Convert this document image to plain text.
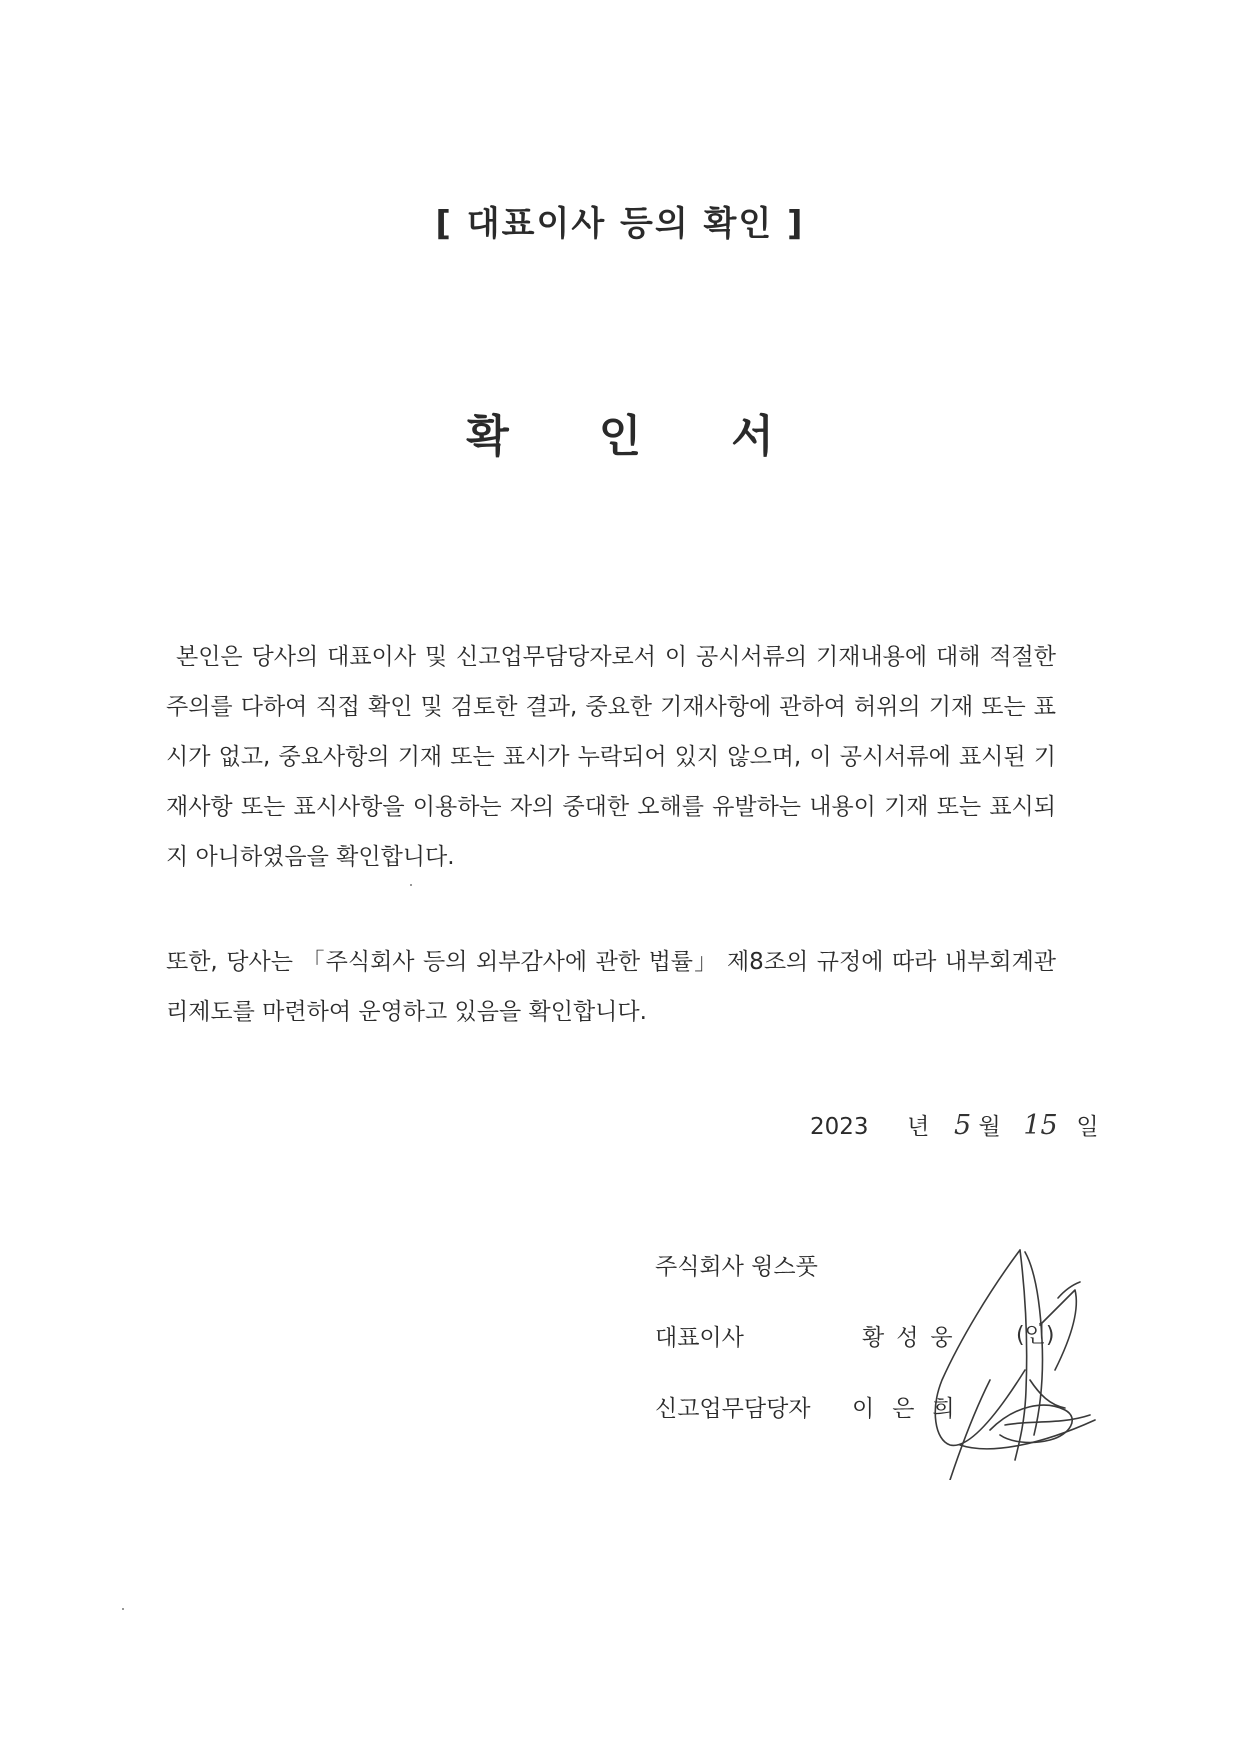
[ 대표이사 등의 확인 ]
확인서
본인은 당사의 대표이사 및 신고업무담당자로서 이 공시서류의 기재내용에 대해 적절한 주의를 다하여 직접 확인 및 검토한 결과, 중요한 기재사항에 관하여 허위의 기재 또는 표시가 없고, 중요사항의 기재 또는 표시가 누락되어 있지 않으며, 이 공시서류에 표시된 기재사항 또는 표시사항을 이용하는 자의 중대한 오해를 유발하는 내용이 기재 또는 표시되지 아니하였음을 확인합니다.
또한, 당사는 「주식회사 등의 외부감사에 관한 법률」 제8조의 규정에 따라 내부회계관리제도를 마련하여 운영하고 있음을 확인합니다.
2023 년 5 월 15 일
주식회사 윙스풋
대표이사	황성웅 (인)
신고업무담당자 이은희
